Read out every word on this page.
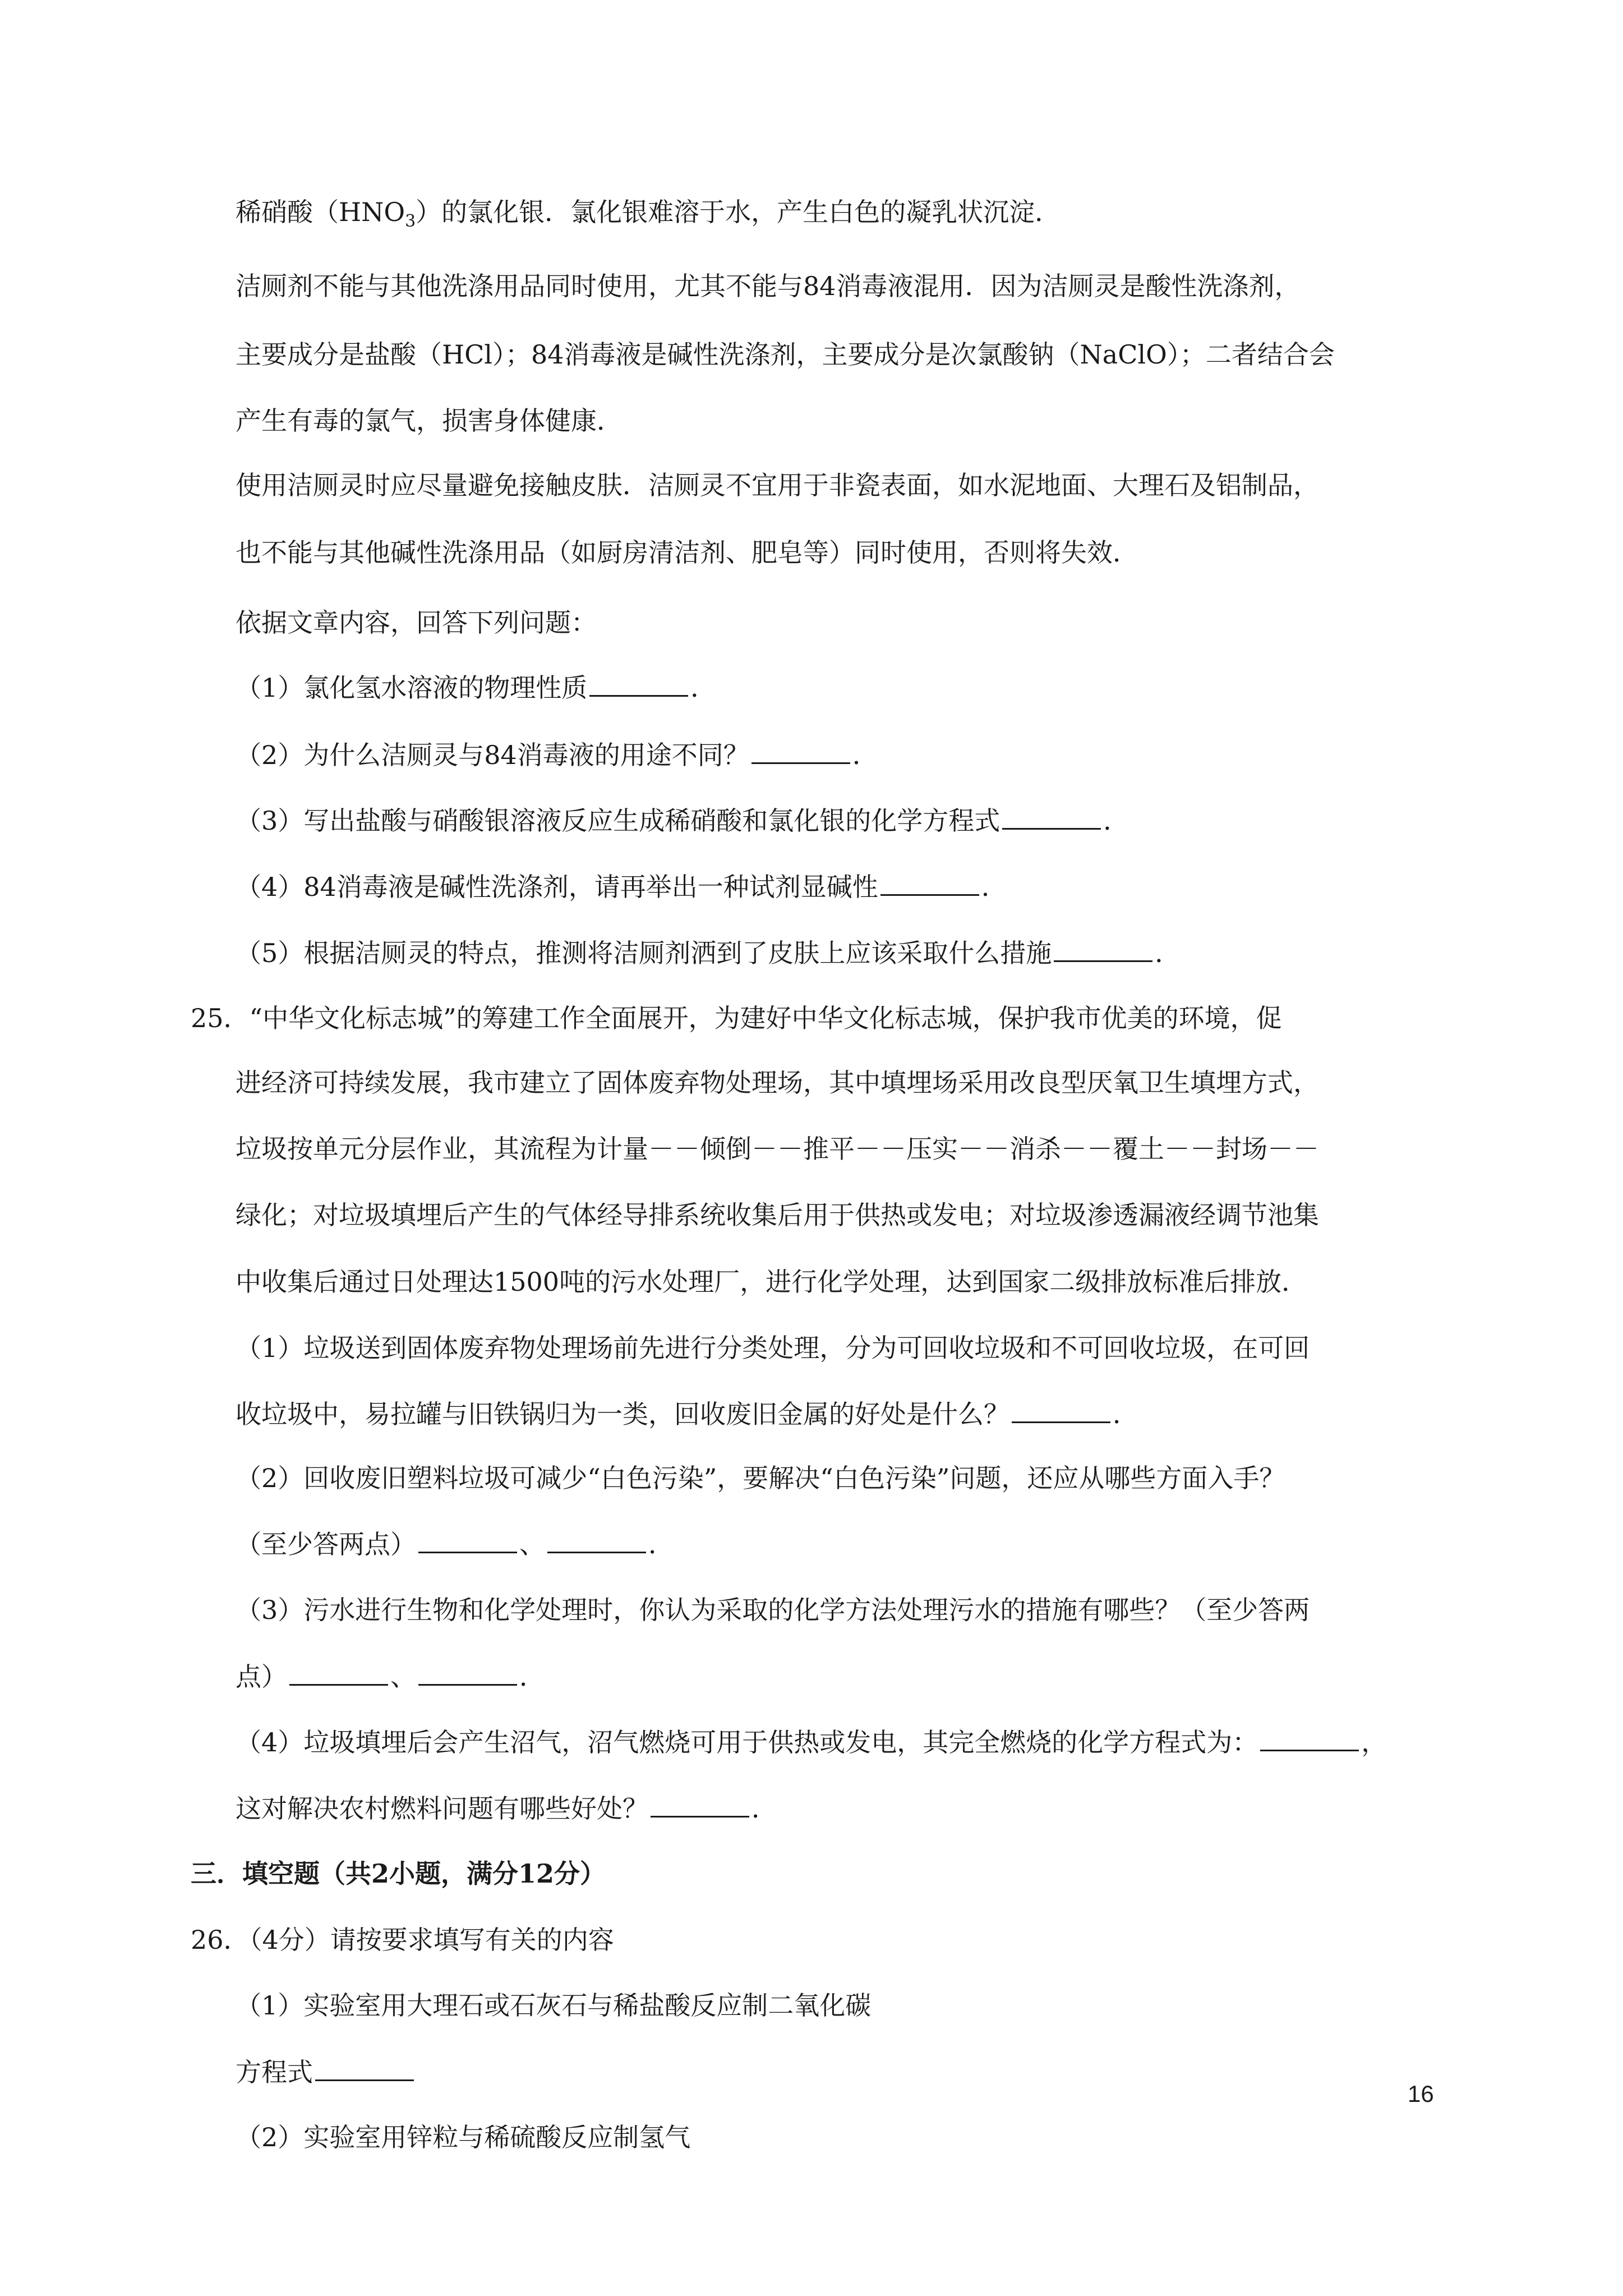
稀硝酸$(HNO_3)$的氯化银．氯化银难溶于水，产生白色的凝乳状沉淀．
洁厕剂不能与其他洗涤用品同时使用，尤其不能与84消毒液混用．因为洁厕灵是酸性洗涤剂，
主要成分是盐酸（HCl）；84消毒液是碱性洗涤剂，主要成分是次氯酸钠（NaClO）；二者结合会
产生有毒的氯气，损害身体健康．
使用洁厕灵时应尽量避免接触皮肤．洁厕灵不宜用于非瓷表面，如水泥地面、大理石及铝制品，
也不能与其他碱性洗涤用品（如厨房清洁剂、肥皂等）同时使用，否则将失效．
依据文章内容，回答下列问题：
（1）氯化氢水溶液的物理性质	．
（2）为什么洁厕灵与84消毒液的用途不同？	．
（3）写出盐酸与硝酸银溶液反应生成稀硝酸和氯化银的化学方程式	．
（4）84消毒液是碱性洗涤剂，请再举出一种试剂显碱性	．
（5）根据洁厕灵的特点，推测将洁厕剂洒到了皮肤上应该采取什么措施	．
25．“中华文化标志城”的筹建工作全面展开，为建好中华文化标志城，保护我市优美的环境，促
进经济可持续发展，我市建立了固体废弃物处理场，其中填埋场采用改良型厌氧卫生填埋方式，
垃圾按单元分层作业，其流程为计量－－倾倒－－推平－－压实－－消杀－－覆土－－封场－－
绿化；对垃圾填埋后产生的气体经导排系统收集后用于供热或发电；对垃圾渗透漏液经调节池集
中收集后通过日处理达1500吨的污水处理厂，进行化学处理，达到国家二级排放标准后排放．
（1）垃圾送到固体废弃物处理场前先进行分类处理，分为可回收垃圾和不可回收垃圾，在可回
收垃圾中，易拉罐与旧铁锅归为一类，回收废旧金属的好处是什么？	．
（2）回收废旧塑料垃圾可减少“白色污染”，要解决“白色污染”问题，还应从哪些方面入手？
（至少答两点）	、	．
（3）污水进行生物和化学处理时，你认为采取的化学方法处理污水的措施有哪些？（至少答两
点）	、	．
（4）垃圾填埋后会产生沼气，沼气燃烧可用于供热或发电，其完全燃烧的化学方程式为：	，
这对解决农村燃料问题有哪些好处？	．
三．填空题（共2小题，满分12分）
26．（4分）请按要求填写有关的内容
（1）实验室用大理石或石灰石与稀盐酸反应制二氧化碳
方程式
（2）实验室用锌粒与稀硫酸反应制氢气
16
